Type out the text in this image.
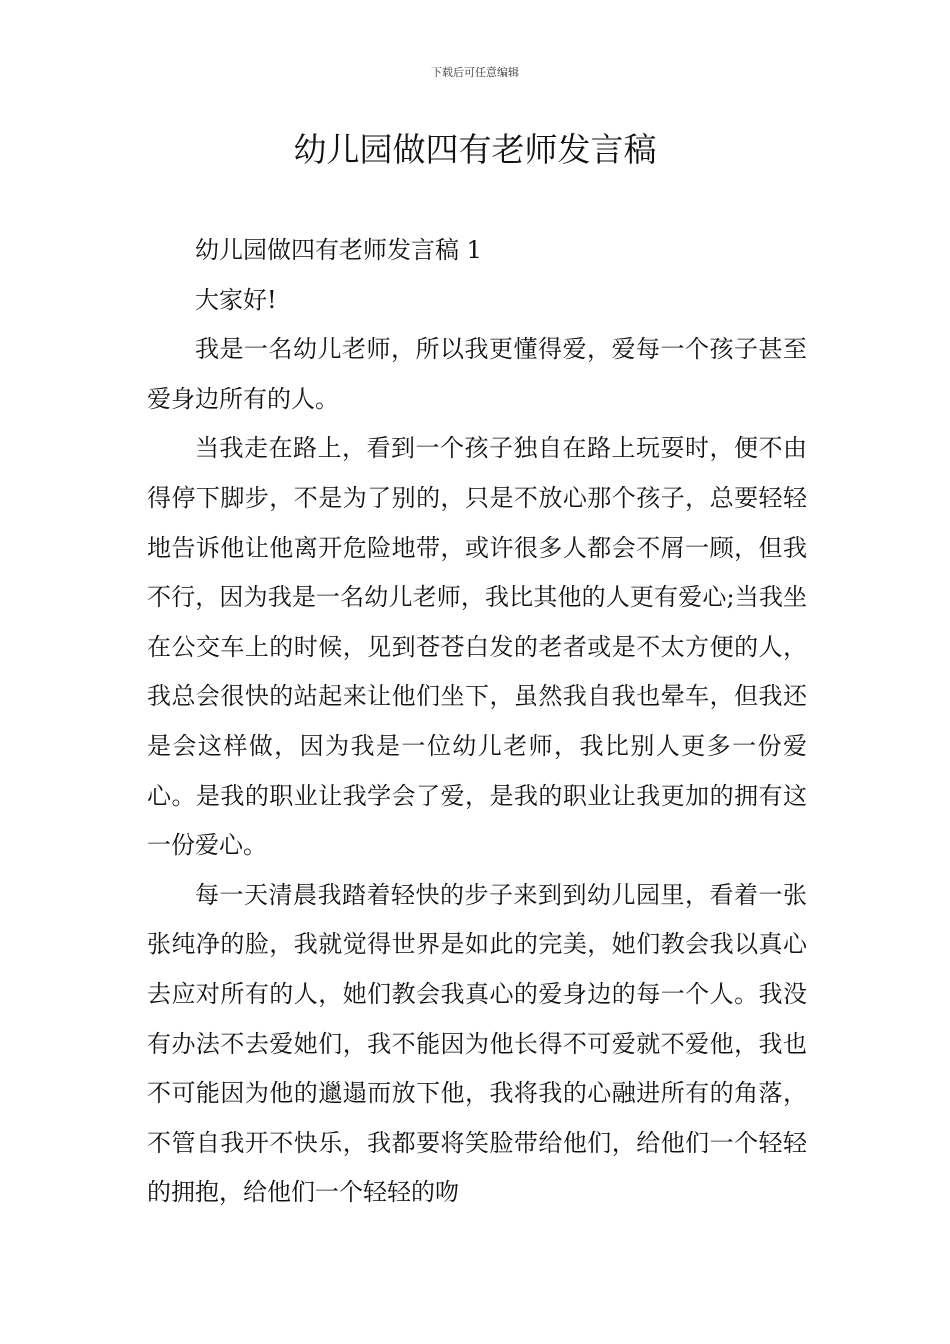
下载后可任意编辑
幼儿园做四有老师发言稿

幼儿园做四有老师发言稿 1

大家好!

我是一名幼儿老师，所以我更懂得爱，爱每一个孩子甚至爱身边所有的人。

当我走在路上，看到一个孩子独自在路上玩耍时，便不由得停下脚步，不是为了别的，只是不放心那个孩子，总要轻轻地告诉他让他离开危险地带，或许很多人都会不屑一顾，但我不行，因为我是一名幼儿老师，我比其他的人更有爱心;当我坐在公交车上的时候，见到苍苍白发的老者或是不太方便的人，我总会很快的站起来让他们坐下，虽然我自我也晕车，但我还是会这样做，因为我是一位幼儿老师，我比别人更多一份爱心。是我的职业让我学会了爱，是我的职业让我更加的拥有这一份爱心。

每一天清晨我踏着轻快的步子来到到幼儿园里，看着一张张纯净的脸，我就觉得世界是如此的完美，她们教会我以真心去应对所有的人，她们教会我真心的爱身边的每一个人。我没有办法不去爱她们，我不能因为他长得不可爱就不爱他，我也不可能因为他的邋遢而放下他，我将我的心融进所有的角落，不管自我开不快乐，我都要将笑脸带给他们，给他们一个轻轻的拥抱，给他们一个轻轻的吻
